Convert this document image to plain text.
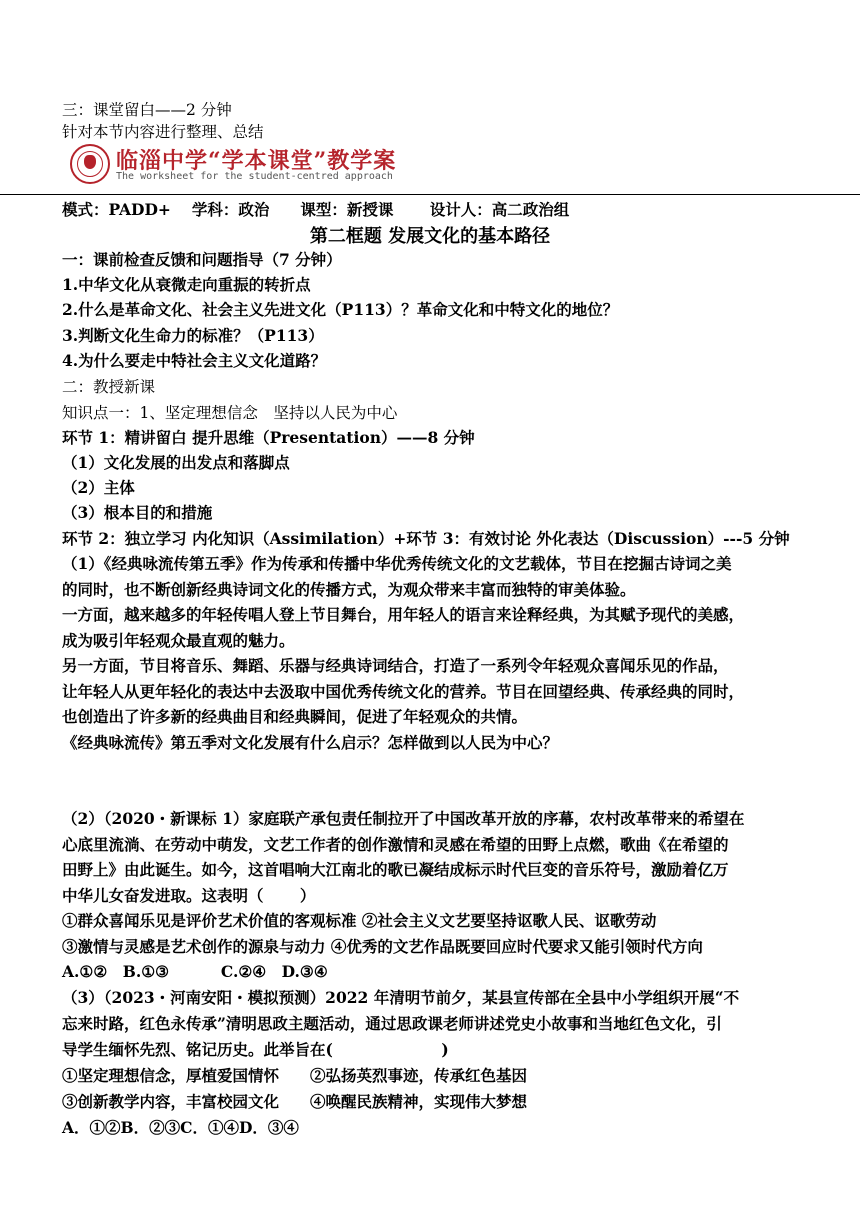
三：课堂留白——2 分钟
针对本节内容进行整理、总结
临淄中学“学本课堂”教学案
The worksheet for the student-centred approach
模式：PADD+　 学科：政治　　课型：新授课　　 设计人：高二政治组
第二框题 发展文化的基本路径
一：课前检查反馈和问题指导（7 分钟）
1.中华文化从衰微走向重振的转折点
2.什么是革命文化、社会主义先进文化（P113）？革命文化和中特文化的地位？
3.判断文化生命力的标准？（P113）
4.为什么要走中特社会主义文化道路？
二：教授新课
知识点一：1、坚定理想信念　坚持以人民为中心
环节 1：精讲留白 提升思维（Presentation）——8 分钟
（1）文化发展的出发点和落脚点
（2）主体
（3）根本目的和措施
环节 2：独立学习 内化知识（Assimilation）+环节 3：有效讨论 外化表达（Discussion）---5 分钟
（1）《经典咏流传第五季》作为传承和传播中华优秀传统文化的文艺载体，节目在挖掘古诗词之美
的同时，也不断创新经典诗词文化的传播方式，为观众带来丰富而独特的审美体验。
一方面，越来越多的年轻传唱人登上节目舞台，用年轻人的语言来诠释经典，为其赋予现代的美感，
成为吸引年轻观众最直观的魅力。
另一方面，节目将音乐、舞蹈、乐器与经典诗词结合，打造了一系列令年轻观众喜闻乐见的作品，
让年轻人从更年轻化的表达中去汲取中国优秀传统文化的营养。节目在回望经典、传承经典的同时，
也创造出了许多新的经典曲目和经典瞬间，促进了年轻观众的共情。
《经典咏流传》第五季对文化发展有什么启示？怎样做到以人民为中心？
（2）（2020・新课标 1）家庭联产承包责任制拉开了中国改革开放的序幕，农村改革带来的希望在
心底里流淌、在劳动中萌发，文艺工作者的创作激情和灵感在希望的田野上点燃，歌曲《在希望的
田野上》由此诞生。如今，这首唱响大江南北的歌已凝结成标示时代巨变的音乐符号，激励着亿万
中华儿女奋发进取。这表明（　　 ）
①群众喜闻乐见是评价艺术价值的客观标准 ②社会主义文艺要坚持讴歌人民、讴歌劳动
③激情与灵感是艺术创作的源泉与动力 ④优秀的文艺作品既要回应时代要求又能引领时代方向
A.①②　B.①③　　　 C.②④　D.③④
（3）（2023・河南安阳・模拟预测）2022 年清明节前夕，某县宣传部在全县中小学组织开展“不
忘来时路，红色永传承”清明思政主题活动，通过思政课老师讲述党史小故事和当地红色文化，引
导学生缅怀先烈、铭记历史。此举旨在(　　　　　　　)
①坚定理想信念，厚植爱国情怀　　②弘扬英烈事迹，传承红色基因
③创新教学内容，丰富校园文化　　④唤醒民族精神，实现伟大梦想
A．①②B．②③C．①④D．③④
